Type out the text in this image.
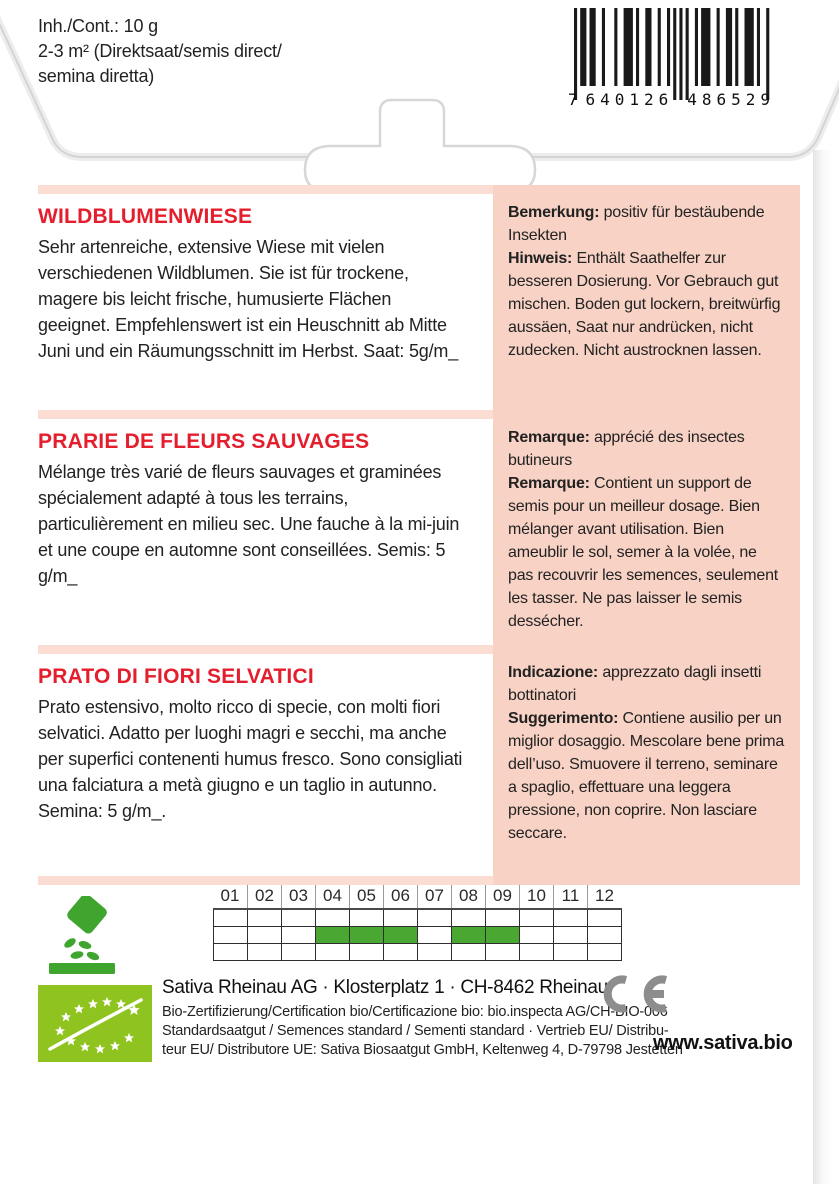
Inh./Cont.: 10 g
2-3 m² (Direktsaat/semis direct/
semina diretta)
7 640126 486529
WILDBLUMENWIESE

Sehr artenreiche, extensive Wiese mit vielen verschiedenen Wildblumen. Sie ist für trockene, magere bis leicht frische, humusierte Flächen geeignet. Empfehlenswert ist ein Heuschnitt ab Mitte Juni und ein Räumungsschnitt im Herbst. Saat: 5g/m_

Bemerkung: positiv für bestäubende Insekten

Hinweis: Enthält Saathelfer zur besseren Dosierung. Vor Gebrauch gut mischen. Boden gut lockern, breitwürfig aussäen, Saat nur andrücken, nicht zudecken. Nicht austrocknen lassen.

PRARIE DE FLEURS SAUVAGES

Mélange très varié de fleurs sauvages et graminées spécialement adapté à tous les terrains, particulièrement en milieu sec. Une fauche à la mi-juin et une coupe en automne sont conseillées. Semis: 5 g/m_

Remarque: apprécié des insectes butineurs

Remarque: Contient un support de semis pour un meilleur dosage. Bien mélanger avant utilisation. Bien ameublir le sol, semer à la volée, ne pas recouvrir les semences, seulement les tasser. Ne pas laisser le semis dessécher.

PRATO DI FIORI SELVATICI

Prato estensivo, molto ricco di specie, con molti fiori selvatici. Adatto per luoghi magri e secchi, ma anche per superfici contenenti humus fresco. Sono consigliati una falciatura a metà giugno e un taglio in autunno. Semina: 5 g/m_.

Indicazione: apprezzato dagli insetti bottinatori

Suggerimento: Contiene ausilio per un miglior dosaggio. Mescolare bene prima dell’uso. Smuovere il terreno, seminare a spaglio, effettuare una leggera pressione, non coprire. Non lasciare seccare.

01 02 03 04 05 06 07 08 09 10 11 12

Sativa Rheinau AG · Klosterplatz 1 · CH-8462 Rheinau

Bio-Zertifizierung/Certification bio/Certificazione bio: bio.inspecta AG/CH-BIO-006
Standardsaatgut / Semences standard / Sementi standard · Vertrieb EU/ Distribu-
teur EU/ Distributore UE: Sativa Biosaatgut GmbH, Keltenweg 4, D-79798 Jestetten
www.sativa.bio
